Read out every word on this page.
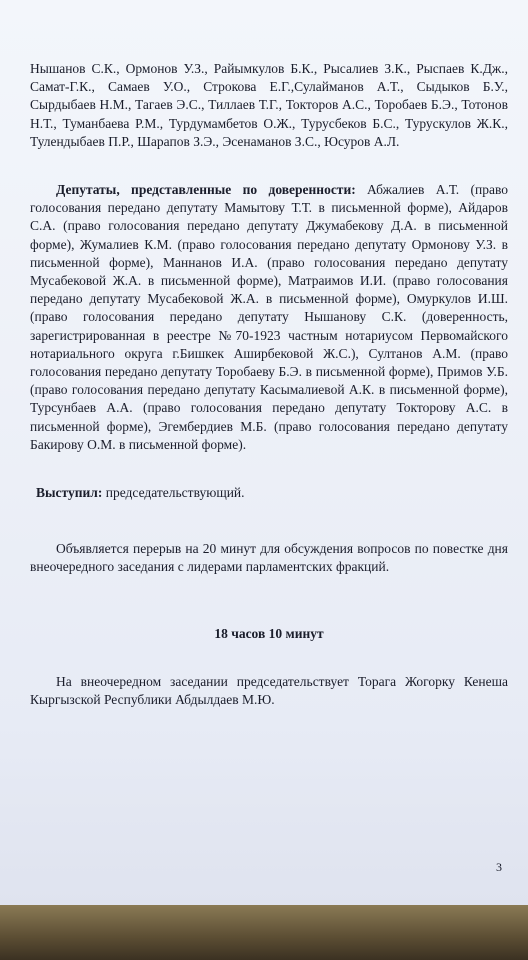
Нышанов С.К., Ормонов У.З., Райымкулов Б.К., Рысалиев З.К., Рыспаев К.Дж., Самат-Г.К., Самаев У.О., Строкова Е.Г.,Сулайманов А.Т., Сыдыков Б.У., Сырдыбаев Н.М., Тагаев Э.С., Тиллаев Т.Г., Токторов А.С., Торобаев Б.Э., Тотонов Н.Т., Туманбаева Р.М., Турдумамбетов О.Ж., Турусбеков Б.С., Турускулов Ж.К., Тулендыбаев П.Р., Шарапов З.Э., Эсенаманов З.С., Юсуров А.Л.

Депутаты, представленные по доверенности: Абжалиев А.Т. (право голосования передано депутату Мамытову Т.Т. в письменной форме), Айдаров С.А. (право голосования передано депутату Джумабекову Д.А. в письменной форме), Жумалиев К.М. (право голосования передано депутату Ормонову У.З. в письменной форме), Маннанов И.А. (право голосования передано депутату Мусабековой Ж.А. в письменной форме), Матраимов И.И. (право голосования передано депутату Мусабековой Ж.А. в письменной форме), Омуркулов И.Ш. (право голосования передано депутату Нышанову С.К. (доверенность, зарегистрированная в реестре №70-1923 частным нотариусом Первомайского нотариального округа г.Бишкек Аширбековой Ж.С.), Султанов А.М. (право голосования передано депутату Торобаеву Б.Э. в письменной форме), Примов У.Б. (право голосования передано депутату Касымалиевой А.К. в письменной форме), Турсунбаев А.А. (право голосования передано депутату Токторову А.С. в письменной форме), Эгембердиев М.Б. (право голосования передано депутату Бакирову О.М. в письменной форме).

Выступил: председательствующий.

Объявляется перерыв на 20 минут для обсуждения вопросов по повестке дня внеочередного заседания с лидерами парламентских фракций.

18 часов 10 минут

На внеочередном заседании председательствует Торага Жогорку Кенеша Кыргызской Республики Абдылдаев М.Ю.

3
